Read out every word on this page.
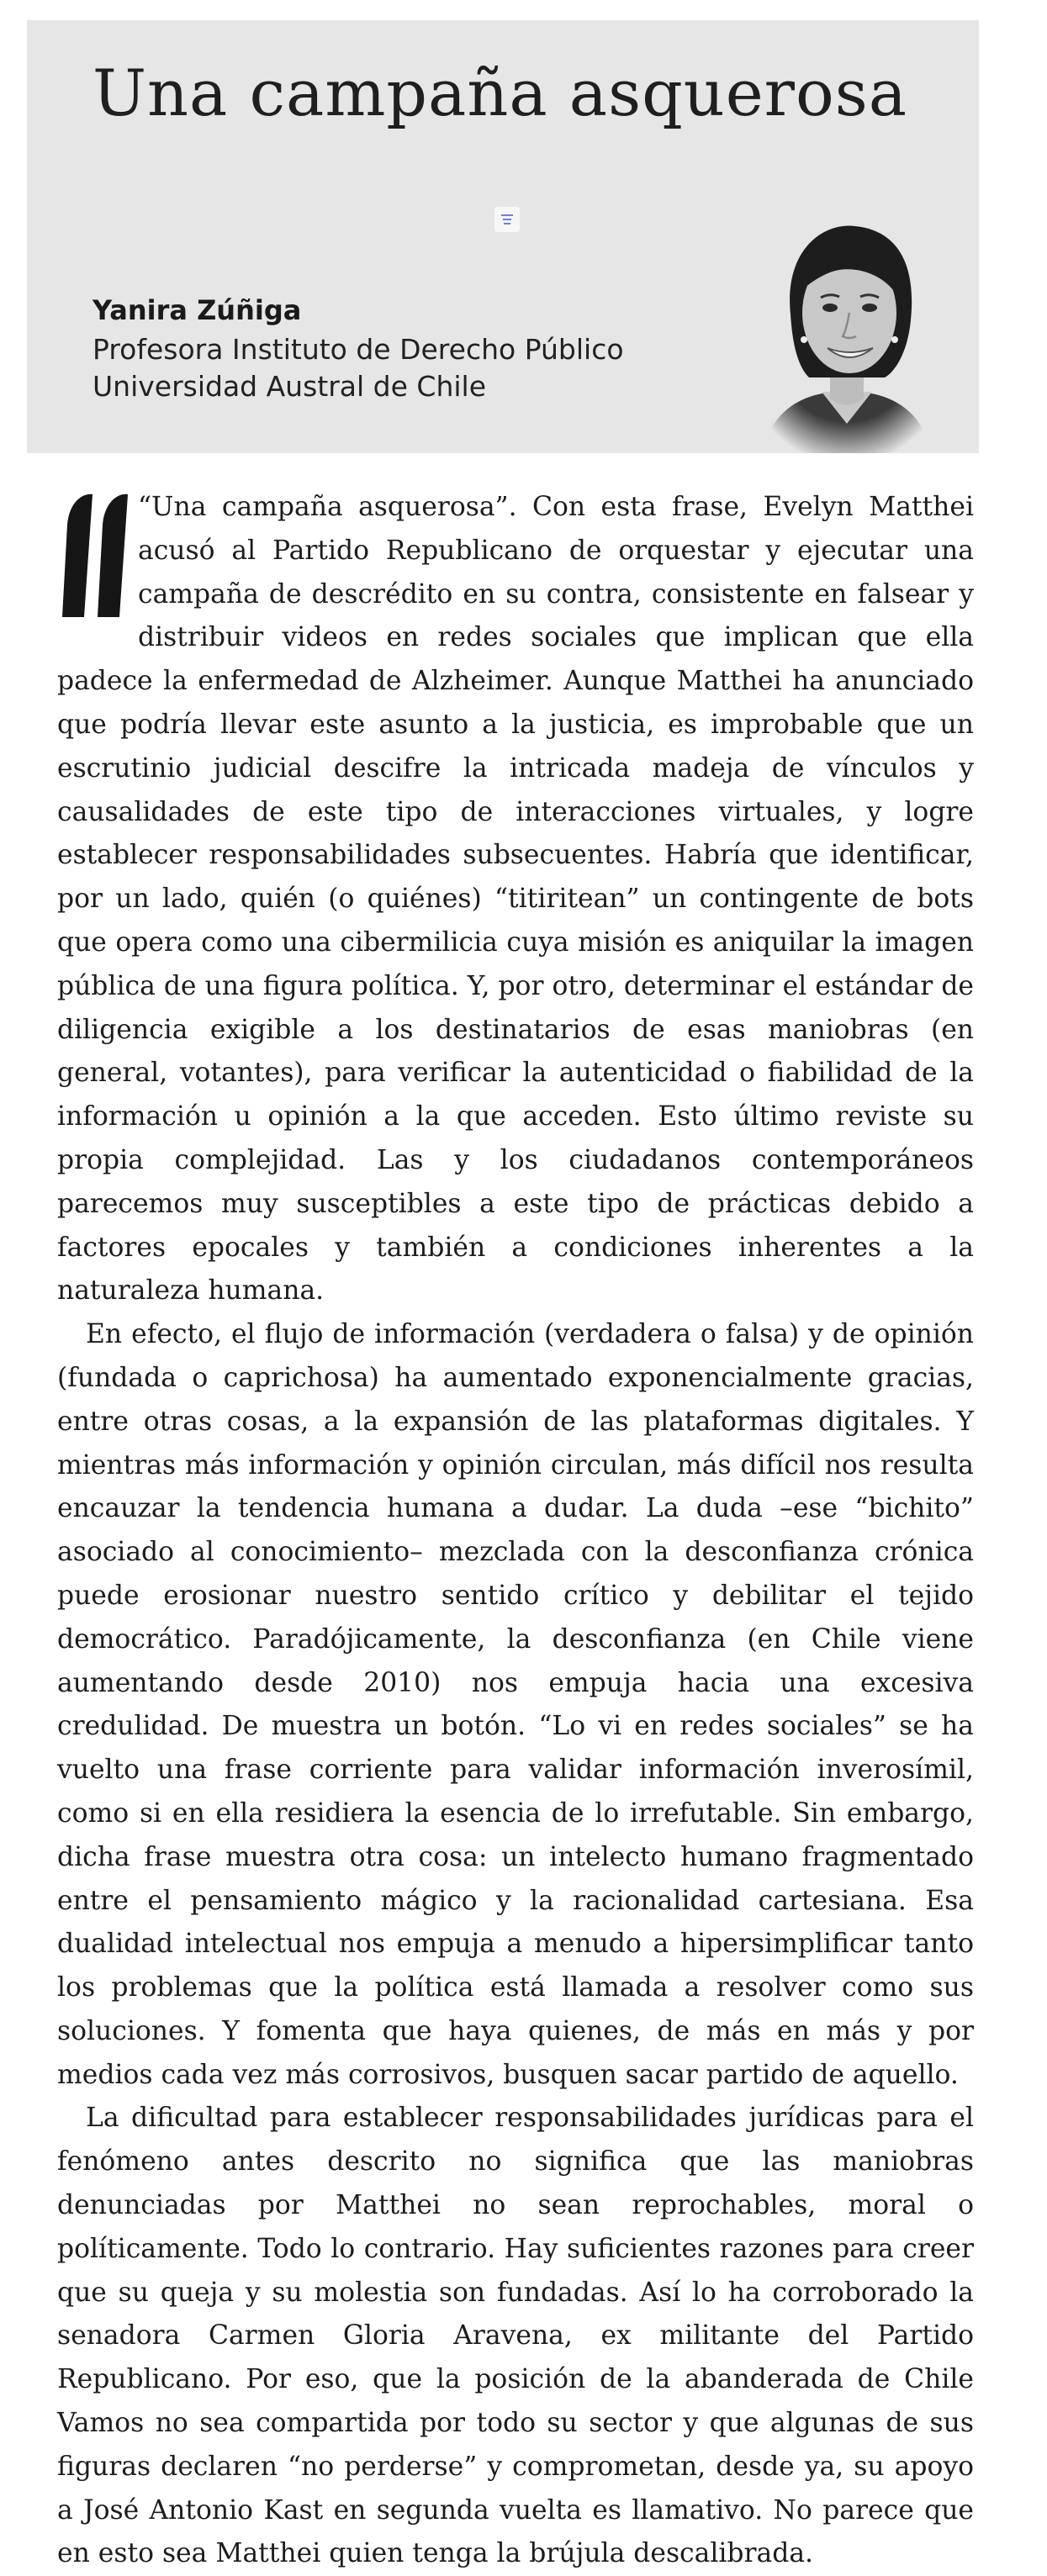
Una campaña asquerosa
Yanira Zúñiga
Profesora Instituto de Derecho Público
Universidad Austral de Chile

“Una campaña asquerosa”. Con esta frase, Evelyn Matthei acusó al Partido Republicano de orquestar y ejecutar una campaña de descrédito en su contra, consistente en falsear y distribuir videos en redes sociales que implican que ella padece la enfermedad de Alzheimer. Aunque Matthei ha anunciado que podría llevar este asunto a la justicia, es improbable que un escrutinio judicial descifre la intricada madeja de vínculos y causalidades de este tipo de interacciones virtuales, y logre establecer responsabilidades subsecuentes. Habría que identificar, por un lado, quién (o quiénes) “titiritean” un contingente de bots que opera como una cibermilicia cuya misión es aniquilar la imagen pública de una figura política. Y, por otro, determinar el estándar de diligencia exigible a los destinatarios de esas maniobras (en general, votantes), para verificar la autenticidad o fiabilidad de la información u opinión a la que acceden. Esto último reviste su propia complejidad. Las y los ciudadanos contemporáneos parecemos muy susceptibles a este tipo de prácticas debido a factores epocales y también a condiciones inherentes a la naturaleza humana.

En efecto, el flujo de información (verdadera o falsa) y de opinión (fundada o caprichosa) ha aumentado exponencialmente gracias, entre otras cosas, a la expansión de las plataformas digitales. Y mientras más información y opinión circulan, más difícil nos resulta encauzar la tendencia humana a dudar. La duda –ese “bichito” asociado al conocimiento– mezclada con la desconfianza crónica puede erosionar nuestro sentido crítico y debilitar el tejido democrático. Paradójicamente, la desconfianza (en Chile viene aumentando desde 2010) nos empuja hacia una excesiva credulidad. De muestra un botón. “Lo vi en redes sociales” se ha vuelto una frase corriente para validar información inverosímil, como si en ella residiera la esencia de lo irrefutable. Sin embargo, dicha frase muestra otra cosa: un intelecto humano fragmentado entre el pensamiento mágico y la racionalidad cartesiana. Esa dualidad intelectual nos empuja a menudo a hipersimplificar tanto los problemas que la política está llamada a resolver como sus soluciones. Y fomenta que haya quienes, de más en más y por medios cada vez más corrosivos, busquen sacar partido de aquello.

La dificultad para establecer responsabilidades jurídicas para el fenómeno antes descrito no significa que las maniobras denunciadas por Matthei no sean reprochables, moral o políticamente. Todo lo contrario. Hay suficientes razones para creer que su queja y su molestia son fundadas. Así lo ha corroborado la senadora Carmen Gloria Aravena, ex militante del Partido Republicano. Por eso, que la posición de la abanderada de Chile Vamos no sea compartida por todo su sector y que algunas de sus figuras declaren “no perderse” y comprometan, desde ya, su apoyo a José Antonio Kast en segunda vuelta es llamativo. No parece que en esto sea Matthei quien tenga la brújula descalibrada.
